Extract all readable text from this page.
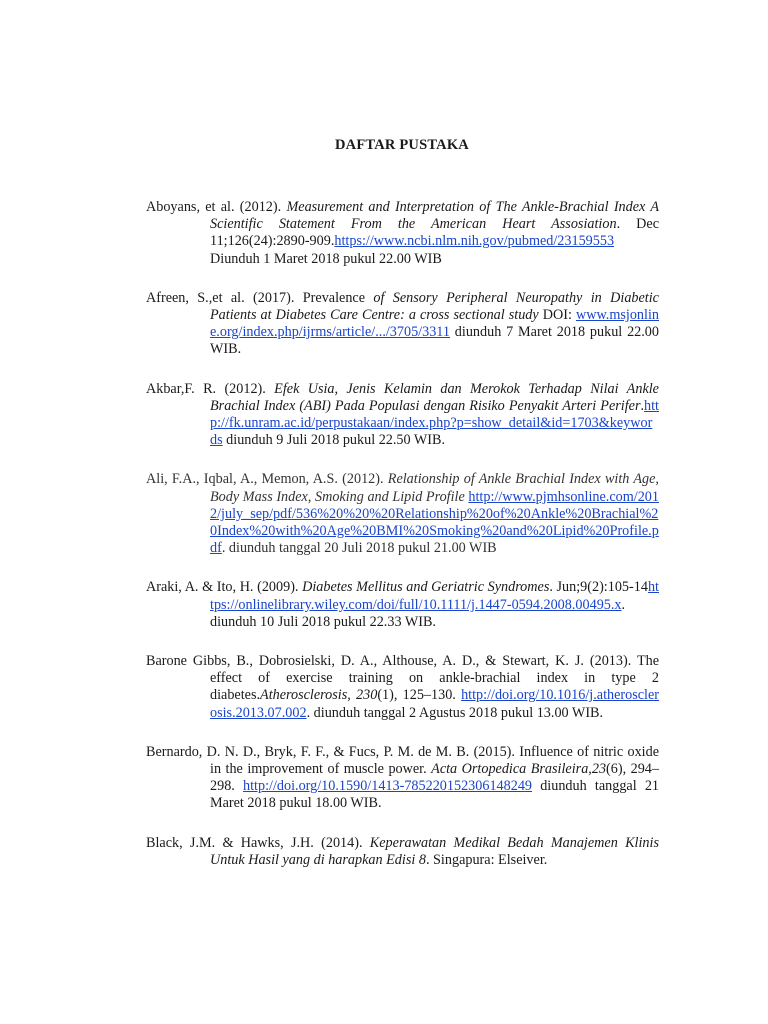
DAFTAR PUSTAKA

Aboyans, et al. (2012). Measurement and Interpretation of The Ankle-Brachial Index A Scientific Statement From the American Heart Assosiation. Dec 11;126(24):2890-909.https://www.ncbi.nlm.nih.gov/pubmed/23159553 Diunduh 1 Maret 2018 pukul 22.00 WIB

Afreen, S.,et al. (2017). Prevalence of Sensory Peripheral Neuropathy in Diabetic Patients at Diabetes Care Centre: a cross sectional study DOI: www.msjonline.org/index.php/ijrms/article/.../3705/3311 diunduh 7 Maret 2018 pukul 22.00 WIB.

Akbar,F. R. (2012). Efek Usia, Jenis Kelamin dan Merokok Terhadap Nilai Ankle Brachial Index (ABI) Pada Populasi dengan Risiko Penyakit Arteri Perifer.http://fk.unram.ac.id/perpustakaan/index.php?p=show_detail&id=1703&keywords diunduh 9 Juli 2018 pukul 22.50 WIB.

Ali, F.A., Iqbal, A., Memon, A.S. (2012). Relationship of Ankle Brachial Index with Age, Body Mass Index, Smoking and Lipid Profile http://www.pjmhsonline.com/2012/july_sep/pdf/536%20%20%20Relationship%20of%20Ankle%20Brachial%20Index%20with%20Age%20BMI%20Smoking%20and%20Lipid%20Profile.pdf. diunduh tanggal 20 Juli 2018 pukul 21.00 WIB

Araki, A. & Ito, H. (2009). Diabetes Mellitus and Geriatric Syndromes. Jun;9(2):105-14https://onlinelibrary.wiley.com/doi/full/10.1111/j.1447-0594.2008.00495.x. diunduh 10 Juli 2018 pukul 22.33 WIB.

Barone Gibbs, B., Dobrosielski, D. A., Althouse, A. D., & Stewart, K. J. (2013). The effect of exercise training on ankle-brachial index in type 2 diabetes.Atherosclerosis, 230(1), 125–130. http://doi.org/10.1016/j.atherosclerosis.2013.07.002. diunduh tanggal 2 Agustus 2018 pukul 13.00 WIB.

Bernardo, D. N. D., Bryk, F. F., & Fucs, P. M. de M. B. (2015). Influence of nitric oxide in the improvement of muscle power. Acta Ortopedica Brasileira,23(6), 294–298. http://doi.org/10.1590/1413-785220152306148249 diunduh tanggal 21 Maret 2018 pukul 18.00 WIB.

Black, J.M. & Hawks, J.H. (2014). Keperawatan Medikal Bedah Manajemen Klinis Untuk Hasil yang di harapkan Edisi 8. Singapura: Elseiver.
